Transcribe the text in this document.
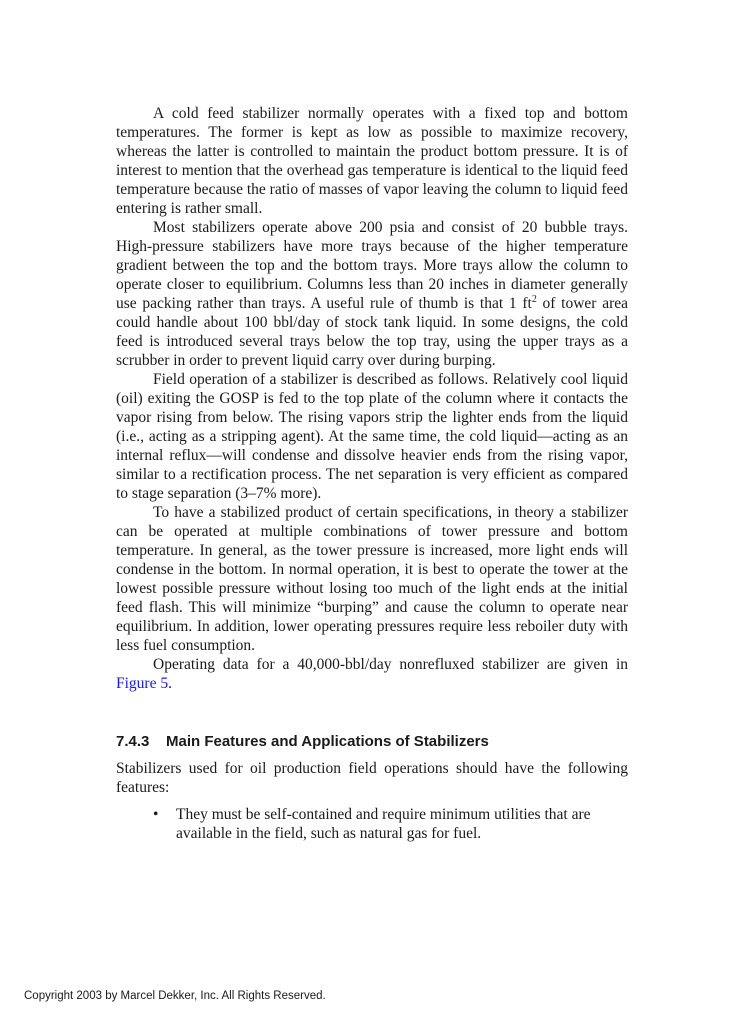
A cold feed stabilizer normally operates with a fixed top and bottom temperatures. The former is kept as low as possible to maximize recovery, whereas the latter is controlled to maintain the product bottom pressure. It is of interest to mention that the overhead gas temperature is identical to the liquid feed temperature because the ratio of masses of vapor leaving the column to liquid feed entering is rather small.

Most stabilizers operate above 200 psia and consist of 20 bubble trays. High-pressure stabilizers have more trays because of the higher temperature gradient between the top and the bottom trays. More trays allow the column to operate closer to equilibrium. Columns less than 20 inches in diameter generally use packing rather than trays. A useful rule of thumb is that 1 $ft^2$ of tower area could handle about 100 bbl/day of stock tank liquid. In some designs, the cold feed is introduced several trays below the top tray, using the upper trays as a scrubber in order to prevent liquid carry over during burping.

Field operation of a stabilizer is described as follows. Relatively cool liquid (oil) exiting the GOSP is fed to the top plate of the column where it contacts the vapor rising from below. The rising vapors strip the lighter ends from the liquid (i.e., acting as a stripping agent). At the same time, the cold liquid—acting as an internal reflux—will condense and dissolve heavier ends from the rising vapor, similar to a rectification process. The net separation is very efficient as compared to stage separation (3–7% more).

To have a stabilized product of certain specifications, in theory a stabilizer can be operated at multiple combinations of tower pressure and bottom temperature. In general, as the tower pressure is increased, more light ends will condense in the bottom. In normal operation, it is best to operate the tower at the lowest possible pressure without losing too much of the light ends at the initial feed flash. This will minimize “burping” and cause the column to operate near equilibrium. In addition, lower operating pressures require less reboiler duty with less fuel consumption.

Operating data for a 40,000-bbl/day nonrefluxed stabilizer are given in Figure 5.

7.4.3 Main Features and Applications of Stabilizers

Stabilizers used for oil production field operations should have the following features:

• They must be self-contained and require minimum utilities that are available in the field, such as natural gas for fuel.
Copyright 2003 by Marcel Dekker, Inc. All Rights Reserved.
